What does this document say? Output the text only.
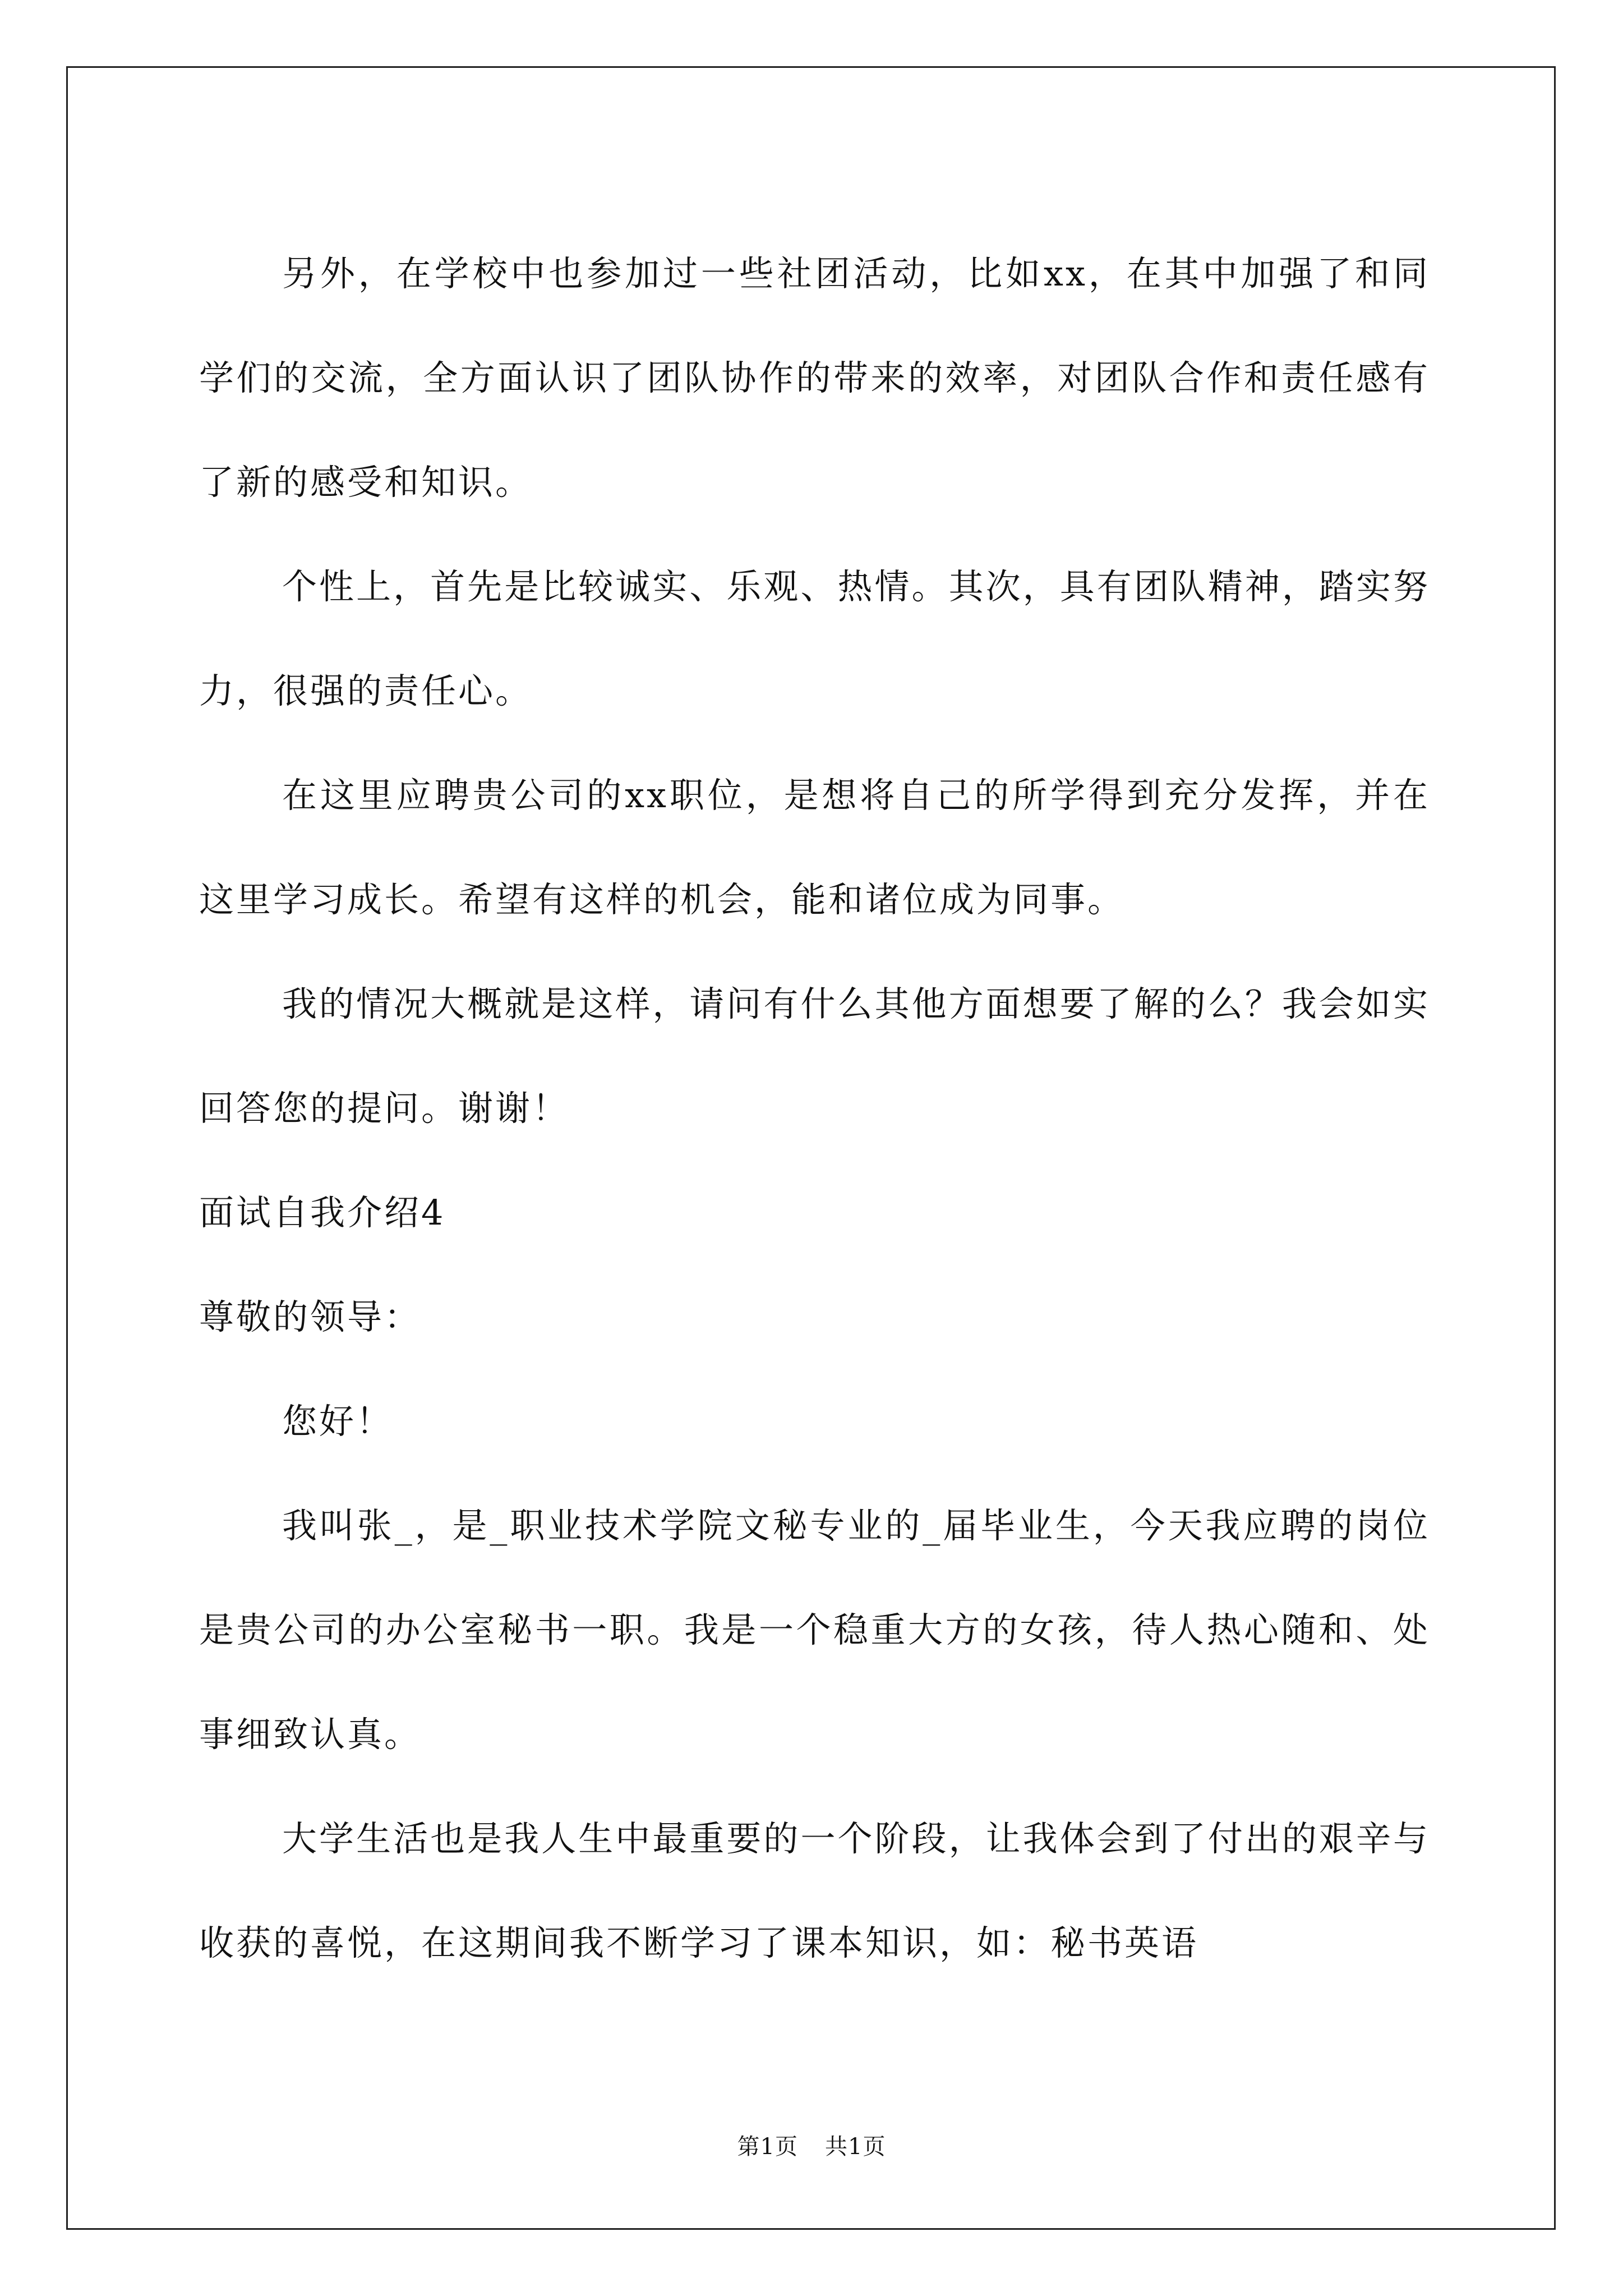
另外，在学校中也参加过一些社团活动，比如xx，在其中加强了和同学们的交流，全方面认识了团队协作的带来的效率，对团队合作和责任感有了新的感受和知识。

个性上，首先是比较诚实、乐观、热情。其次，具有团队精神，踏实努力，很强的责任心。

在这里应聘贵公司的xx职位，是想将自己的所学得到充分发挥，并在这里学习成长。希望有这样的机会，能和诸位成为同事。

我的情况大概就是这样，请问有什么其他方面想要了解的么？我会如实回答您的提问。谢谢！

面试自我介绍4

尊敬的领导：

您好！

我叫张_，是_职业技术学院文秘专业的_届毕业生，今天我应聘的岗位是贵公司的办公室秘书一职。我是一个稳重大方的女孩，待人热心随和、处事细致认真。

大学生活也是我人生中最重要的一个阶段，让我体会到了付出的艰辛与收获的喜悦，在这期间我不断学习了课本知识，如：秘书英语

第1页 共1页
